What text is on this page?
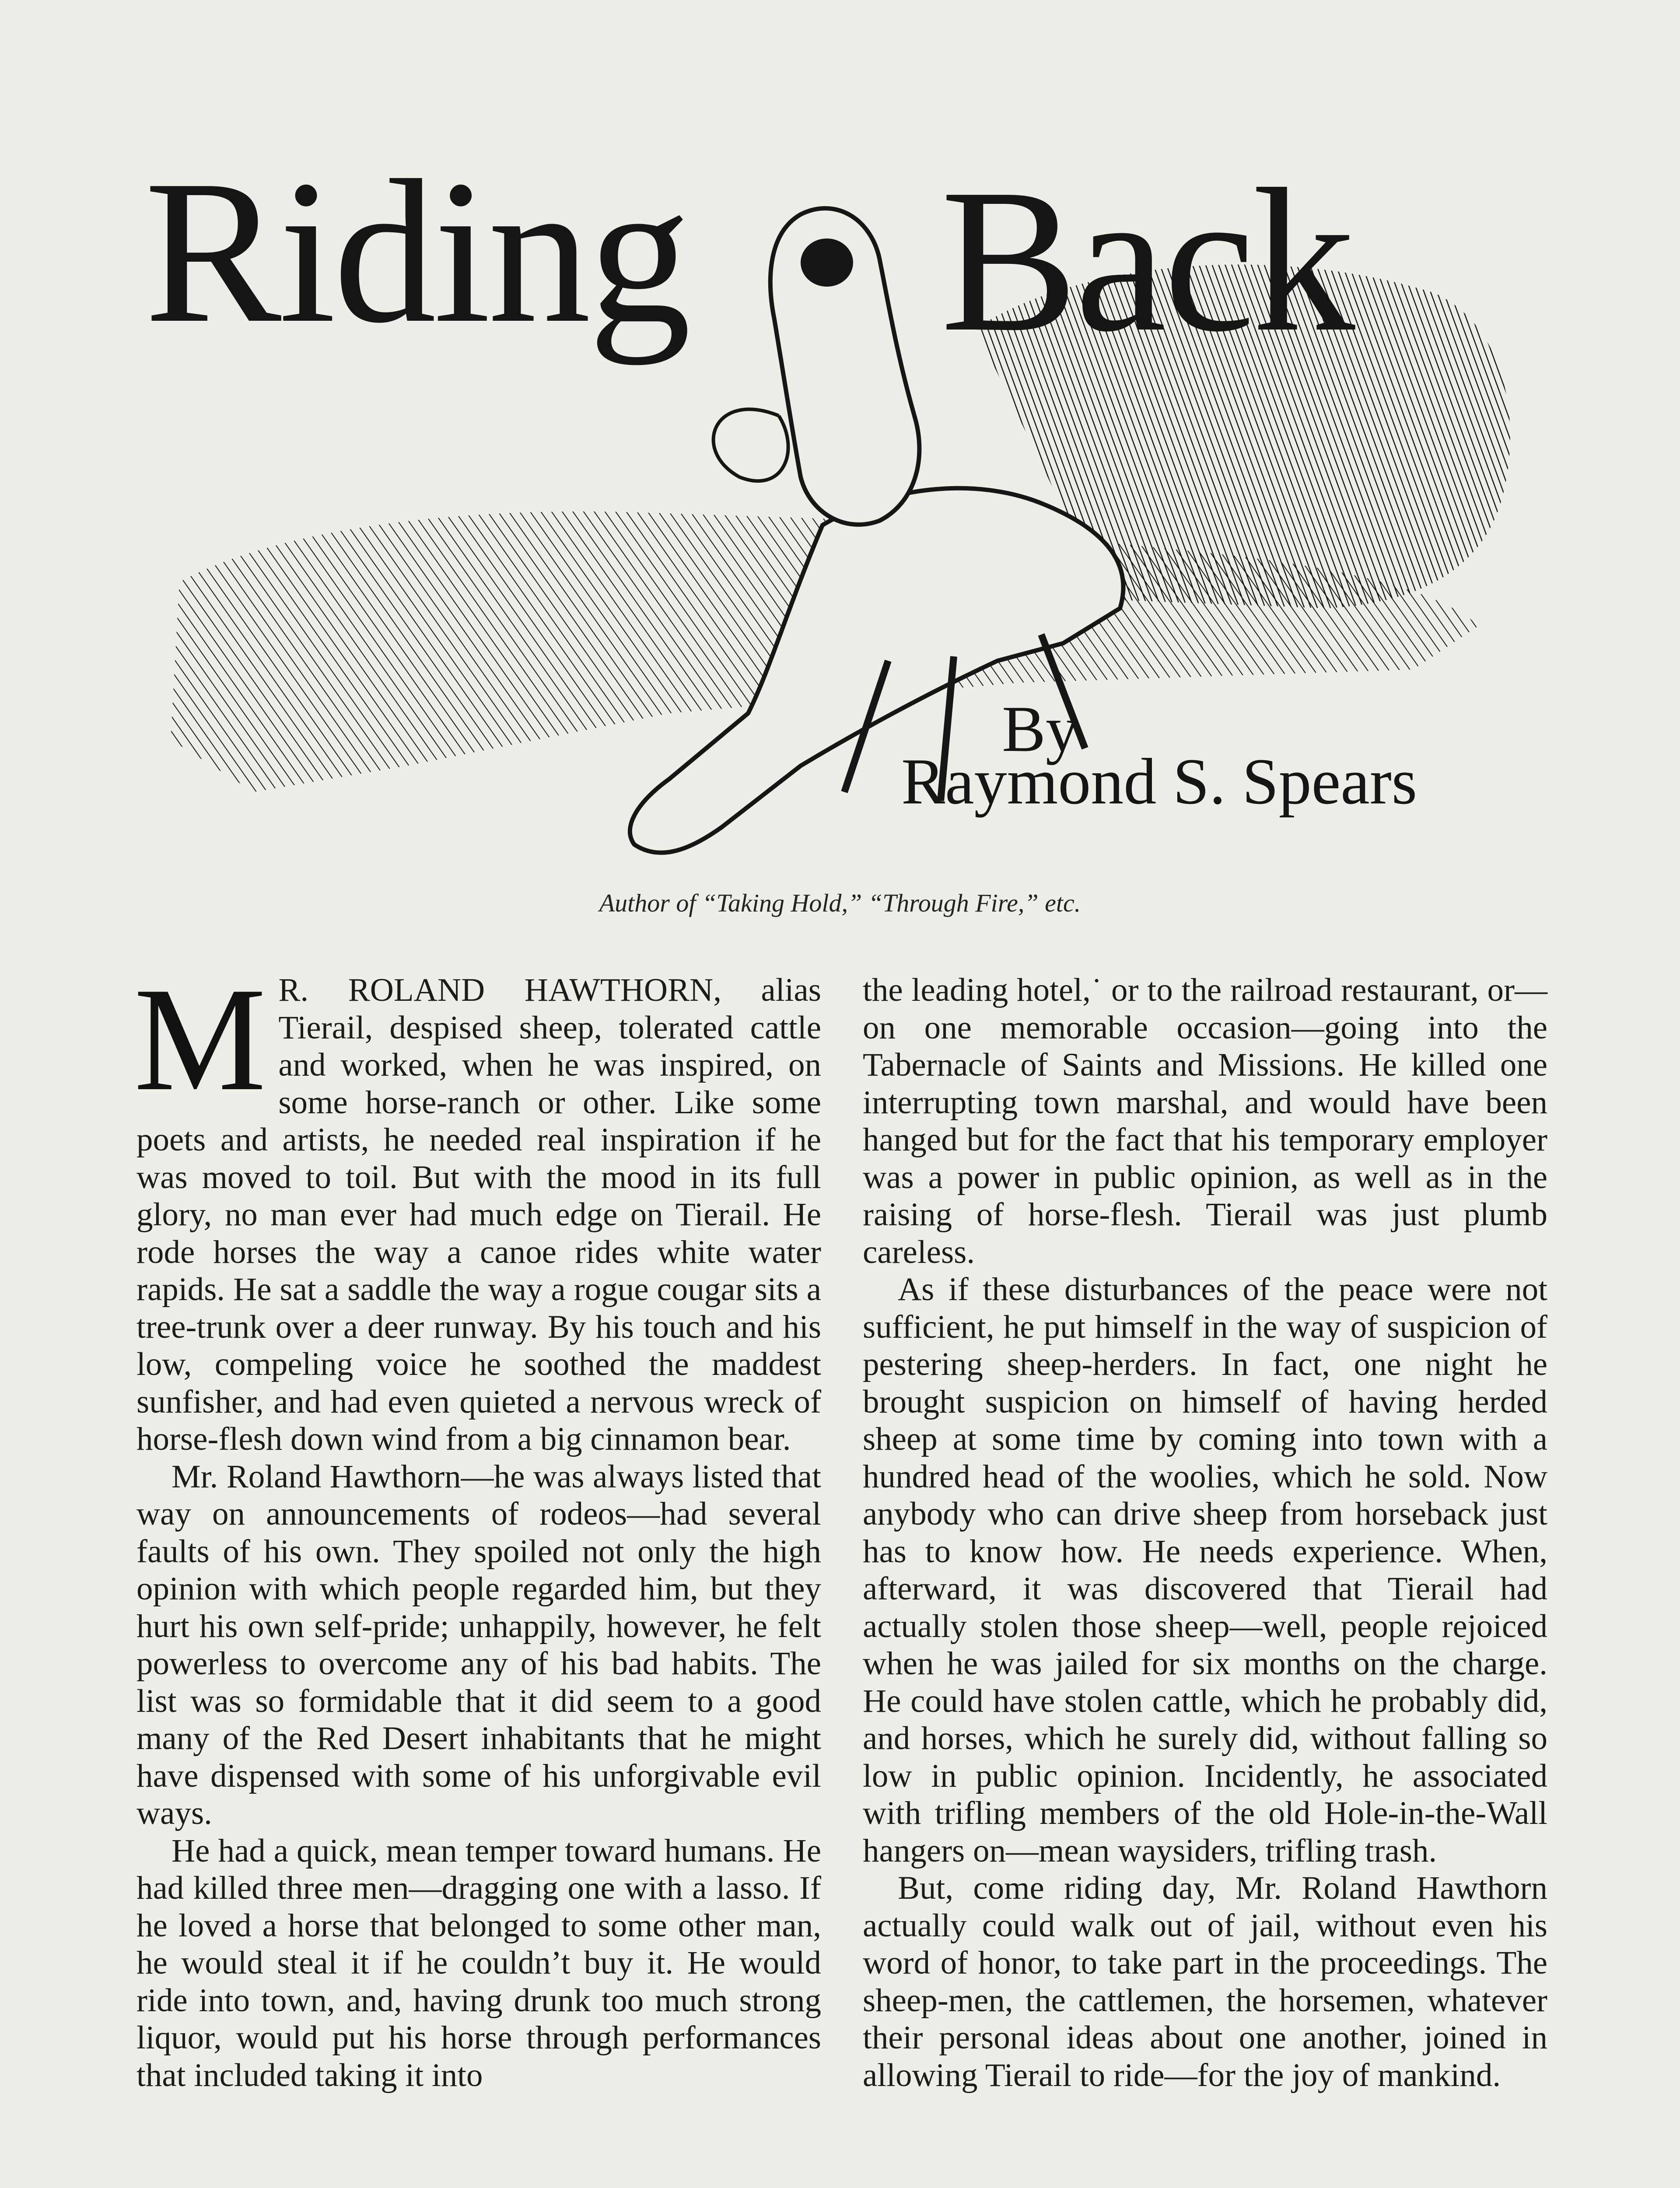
Riding Back
By
Raymond S. Spears
Author of “Taking Hold,” “Through Fire,” etc.

M R. ROLAND HAWTHORN, alias Tierail, despised sheep, tolerated cattle and worked, when he was inspired, on some horse-ranch or other. Like some poets and artists, he needed real inspiration if he was moved to toil. But with the mood in its full glory, no man ever had much edge on Tierail. He rode horses the way a canoe rides white water rapids. He sat a saddle the way a rogue cougar sits a tree-trunk over a deer runway. By his touch and his low, compeling voice he soothed the maddest sunfisher, and had even quieted a nervous wreck of horse-flesh down wind from a big cinnamon bear.

Mr. Roland Hawthorn—he was always listed that way on announcements of rodeos—had several faults of his own. They spoiled not only the high opinion with which people regarded him, but they hurt his own self-pride; unhappily, however, he felt powerless to overcome any of his bad habits. The list was so formidable that it did seem to a good many of the Red Desert inhabitants that he might have dispensed with some of his unforgivable evil ways.

He had a quick, mean temper toward humans. He had killed three men—dragging one with a lasso. If he loved a horse that belonged to some other man, he would steal it if he couldn’t buy it. He would ride into town, and, having drunk too much strong liquor, would put his horse through performances that included taking it into

the leading hotel,˙ or to the railroad restaurant, or—on one memorable occasion—going into the Tabernacle of Saints and Missions. He killed one interrupting town marshal, and would have been hanged but for the fact that his temporary employer was a power in public opinion, as well as in the raising of horse-flesh. Tierail was just plumb careless.

As if these disturbances of the peace were not sufficient, he put himself in the way of suspicion of pestering sheep-herders. In fact, one night he brought suspicion on himself of having herded sheep at some time by coming into town with a hundred head of the woolies, which he sold. Now anybody who can drive sheep from horseback just has to know how. He needs experience. When, afterward, it was discovered that Tierail had actually stolen those sheep—well, people rejoiced when he was jailed for six months on the charge. He could have stolen cattle, which he probably did, and horses, which he surely did, without falling so low in public opinion. Incidently, he associated with trifling members of the old Hole-in-the-Wall hangers on—mean waysiders, trifling trash.

But, come riding day, Mr. Roland Hawthorn actually could walk out of jail, without even his word of honor, to take part in the proceedings. The sheep-men, the cattlemen, the horsemen, whatever their personal ideas about one another, joined in allowing Tierail to ride—for the joy of mankind.
